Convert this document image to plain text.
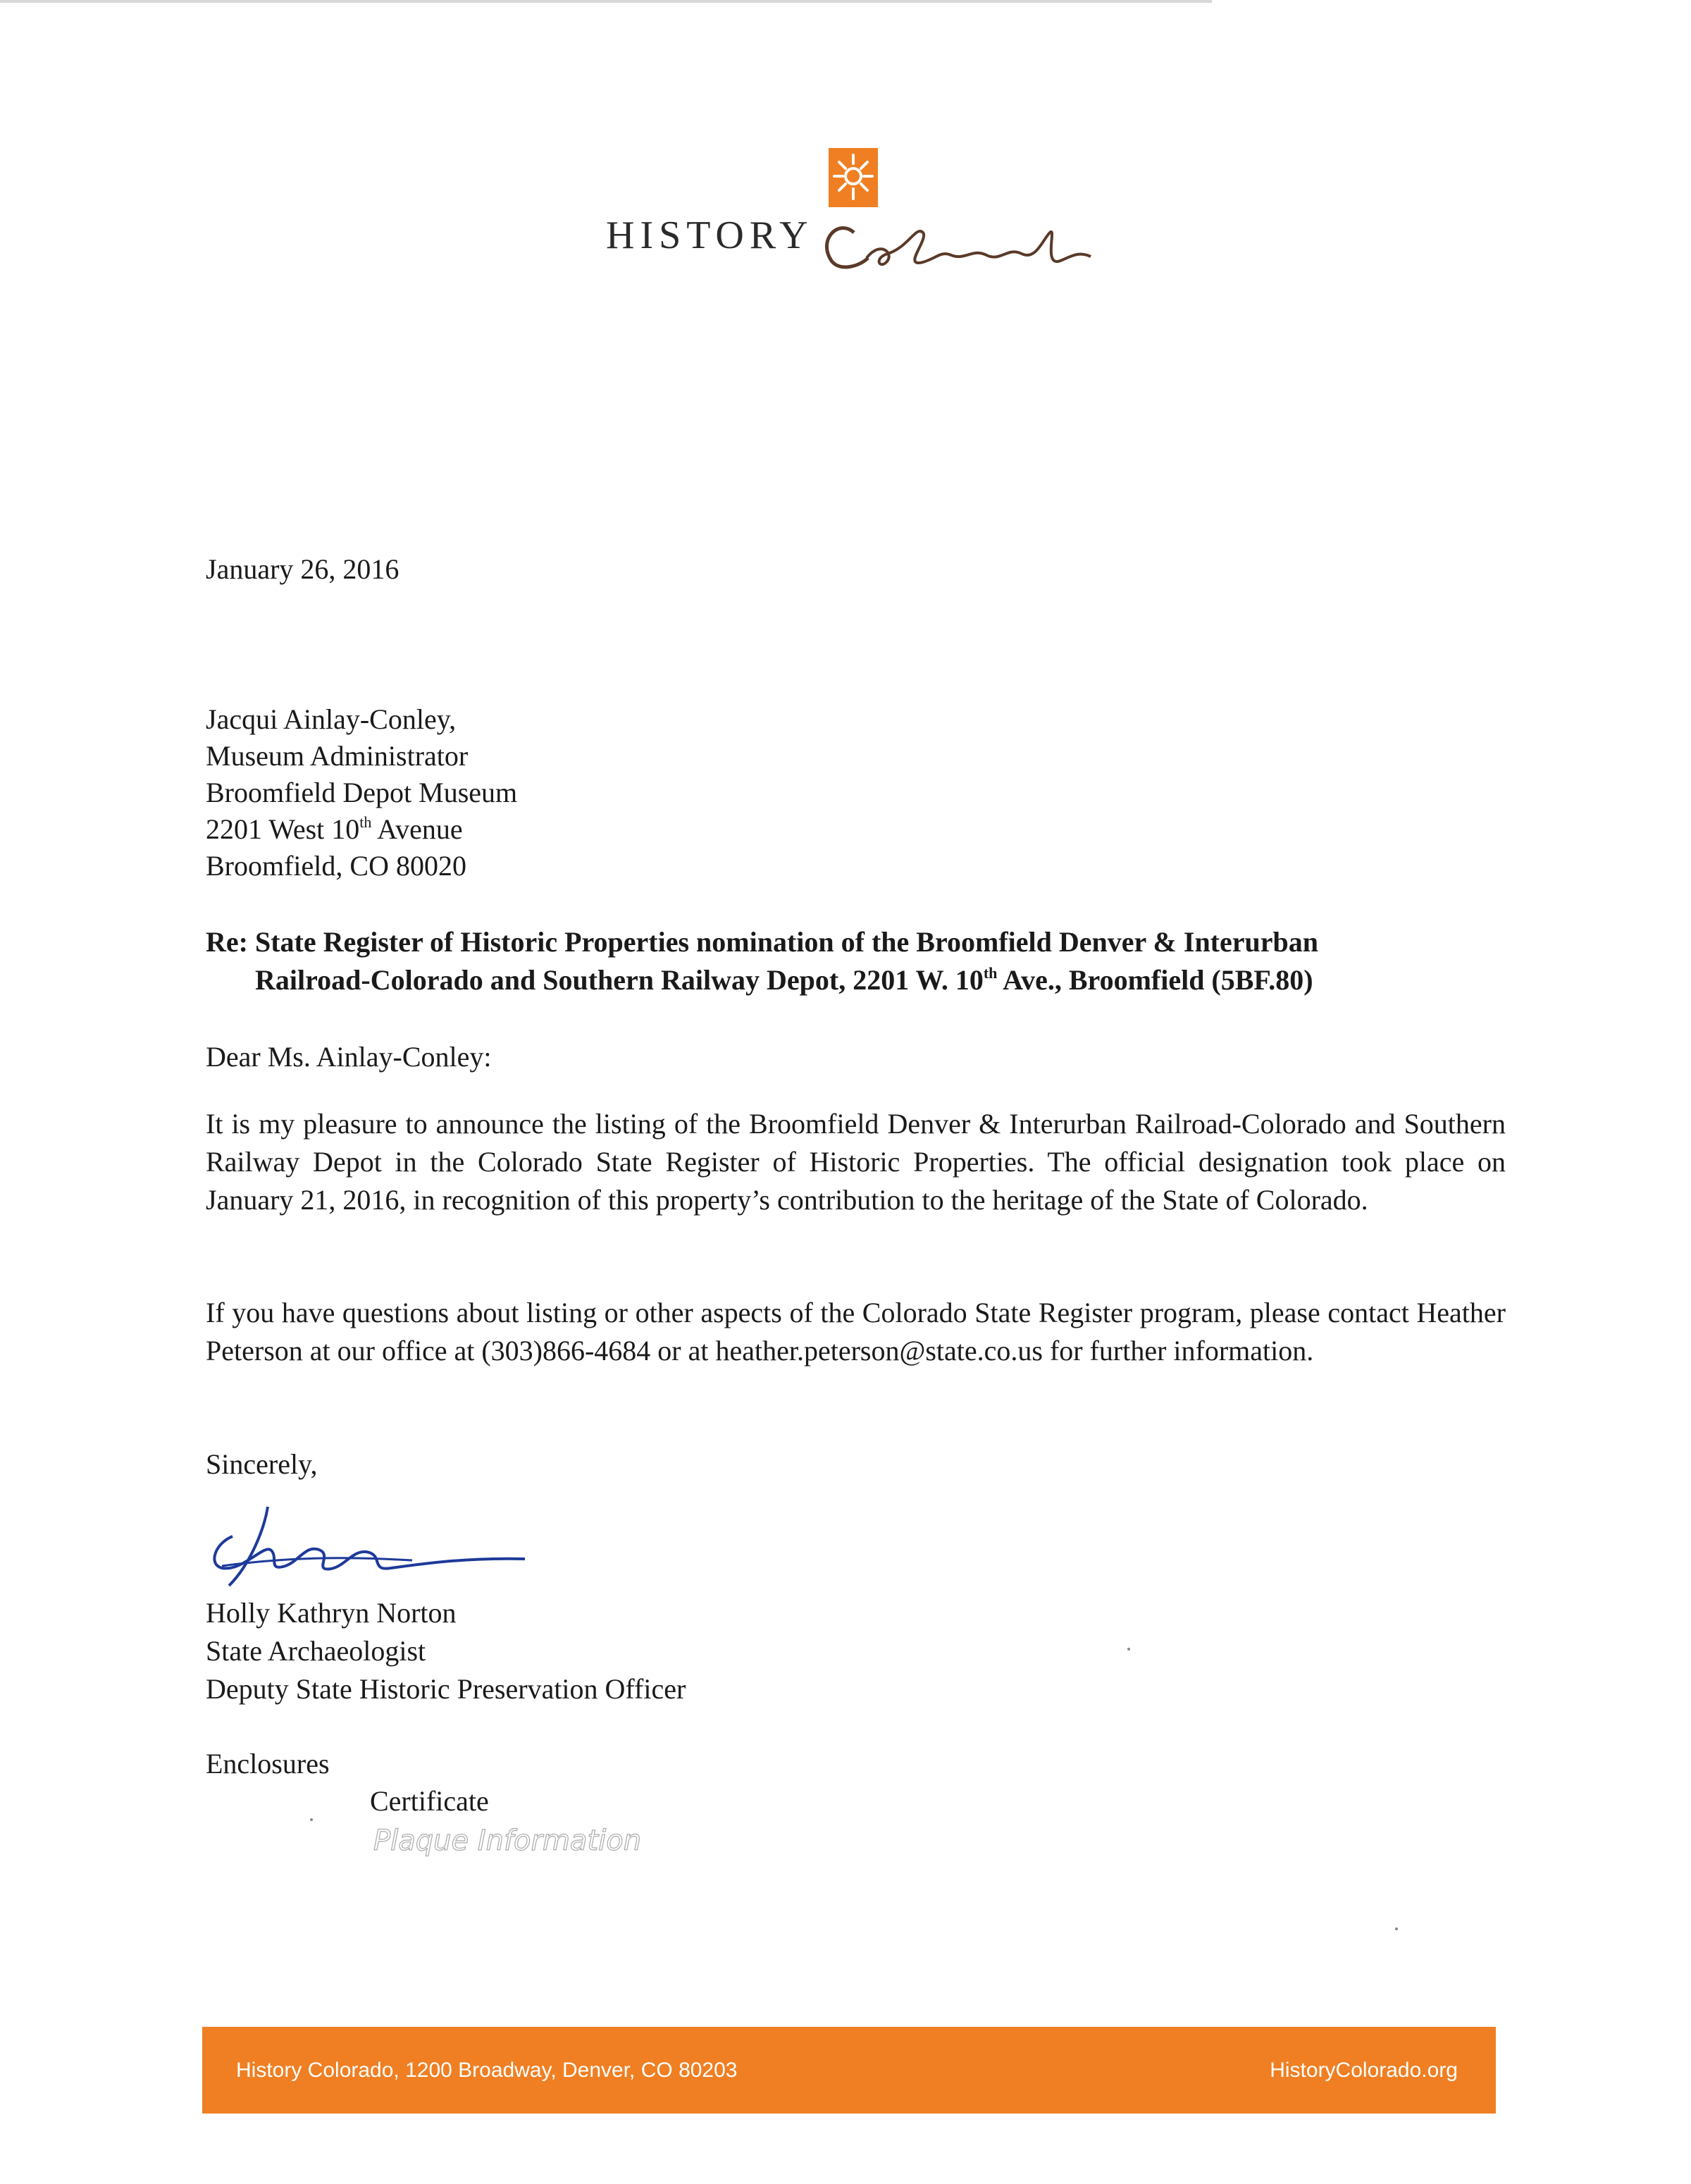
HISTORY
January 26, 2016
Jacqui Ainlay-Conley,
Museum Administrator
Broomfield Depot Museum
2201 West 10th Avenue
Broomfield, CO 80020
Re: State Register of Historic Properties nomination of the Broomfield Denver & Interurban
Railroad-Colorado and Southern Railway Depot, 2201 W. 10th Ave., Broomfield (5BF.80)
Dear Ms. Ainlay-Conley:
It is my pleasure to announce the listing of the Broomfield Denver & Interurban Railroad-Colorado and Southern Railway Depot in the Colorado State Register of Historic Properties. The official designation took place on January 21, 2016, in recognition of this property’s contribution to the heritage of the State of Colorado.
If you have questions about listing or other aspects of the Colorado State Register program, please contact Heather Peterson at our office at (303)866-4684 or at heather.peterson@state.co.us for further information.
Sincerely,
Holly Kathryn Norton
State Archaeologist
Deputy State Historic Preservation Officer
Enclosures
Certificate
Plaque Information
History Colorado, 1200 Broadway, Denver, CO 80203	HistoryColorado.org
